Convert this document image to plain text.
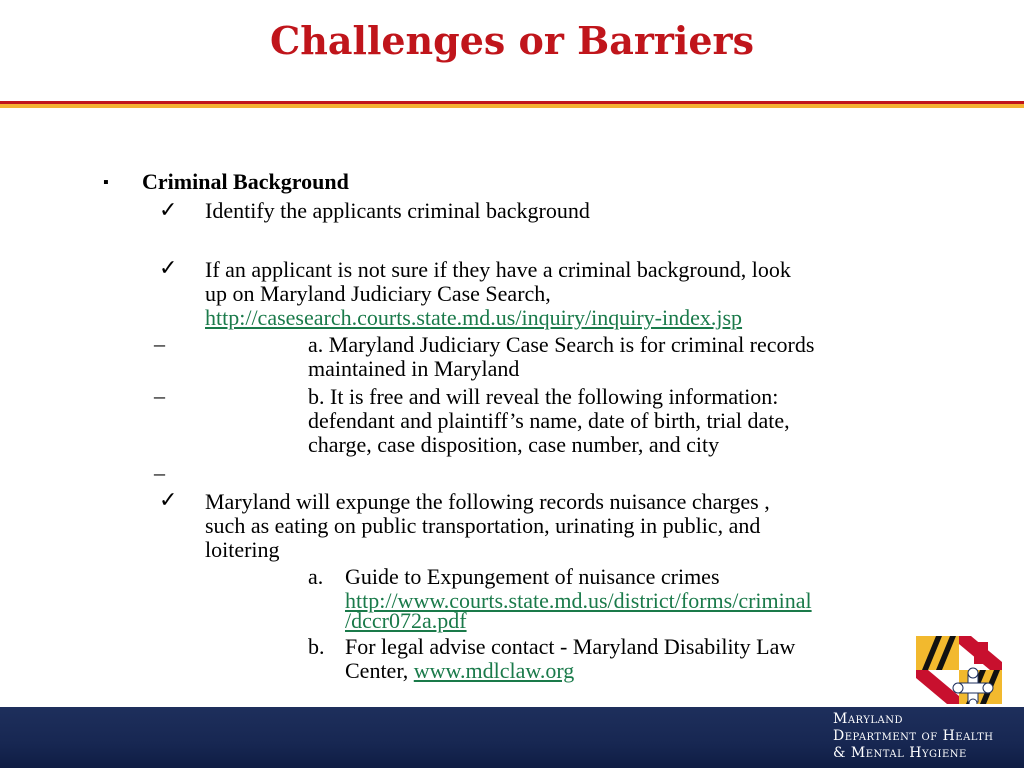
Challenges or Barriers
▪ Criminal Background
✓ Identify the applicants criminal background
✓ If an applicant is not sure if they have a criminal background, look
up on Maryland Judiciary Case Search,
http://casesearch.courts.state.md.us/inquiry/inquiry-index.jsp
–	a. Maryland Judiciary Case Search is for criminal records
maintained in Maryland
–	b. It is free and will reveal the following information:
defendant and plaintiff’s name, date of birth, trial date,
charge, case disposition, case number, and city
–
✓ Maryland will expunge the following records nuisance charges ,
such as eating on public transportation, urinating in public, and
loitering
a. Guide to Expungement of nuisance crimes
http://www.courts.state.md.us/district/forms/criminal
/dccr072a.pdf
b. For legal advise contact - Maryland Disability Law
Center, www.mdlclaw.org
Maryland
Department of Health
& Mental Hygiene
